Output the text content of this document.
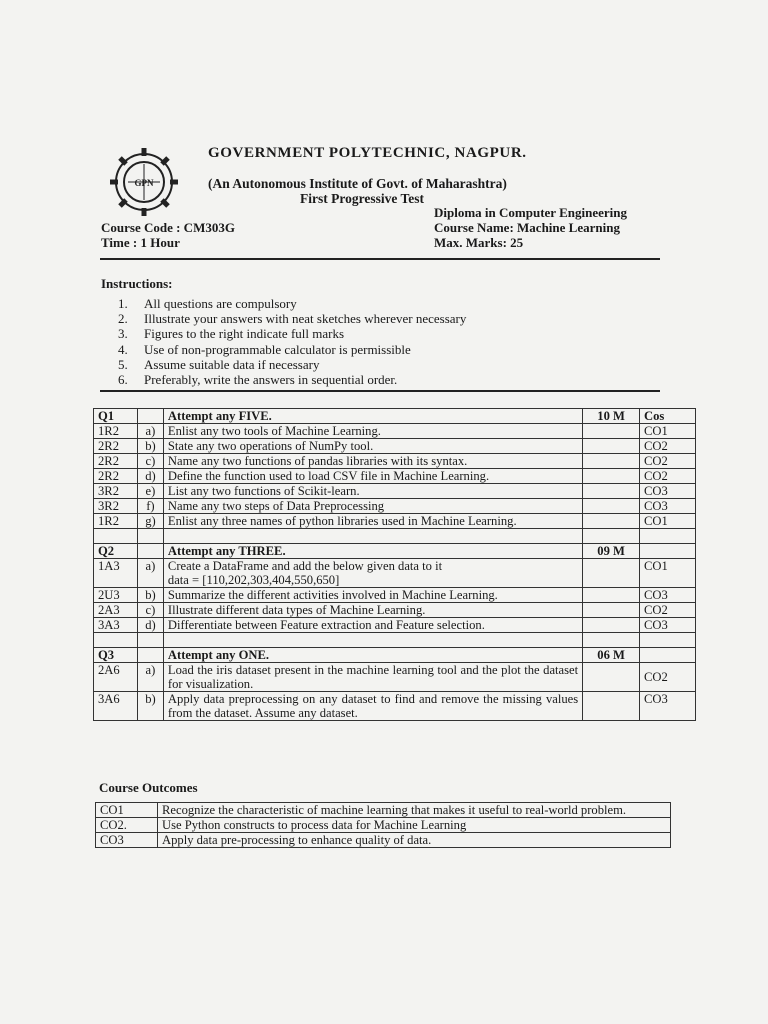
GPN
GOVERNMENT POLYTECHNIC, NAGPUR.
(An Autonomous Institute of Govt. of Maharashtra)
First Progressive Test
Course Code : CM303G
Time : 1 Hour
Diploma in Computer Engineering
Course Name: Machine Learning
Max. Marks: 25
Instructions:
1. All questions are compulsory
2. Illustrate your answers with neat sketches wherever necessary
3. Figures to the right indicate full marks
4. Use of non-programmable calculator is permissible
5. Assume suitable data if necessary
6. Preferably, write the answers in sequential order.
Q1		Attempt any FIVE.	10 M	Cos
1R2	a)	Enlist any two tools of Machine Learning.		CO1
2R2	b)	State any two operations of NumPy tool.		CO2
2R2	c)	Name any two functions of pandas libraries with its syntax.		CO2
2R2	d)	Define the function used to load CSV file in Machine Learning.		CO2
3R2	e)	List any two functions of Scikit-learn.		CO3
3R2	f)	Name any two steps of Data Preprocessing		CO3
1R2	g)	Enlist any three names of python libraries used in Machine Learning.		CO1

Q2		Attempt any THREE.	09 M	
1A3	a)	Create a DataFrame and add the below given data to it
data = [110,202,303,404,550,650]		CO1
2U3	b)	Summarize the different activities involved in Machine Learning.		CO3
2A3	c)	Illustrate different data types of Machine Learning.		CO2
3A3	d)	Differentiate between Feature extraction and Feature selection.		CO3

Q3		Attempt any ONE.	06 M	
2A6	a)	Load the iris dataset present in the machine learning tool and the plot the dataset for visualization.		CO2
3A6	b)	Apply data preprocessing on any dataset to find and remove the missing values from the dataset. Assume any dataset.		CO3
Course Outcomes
CO1	Recognize the characteristic of machine learning that makes it useful to real-world problem.
CO2.	Use Python constructs to process data for Machine Learning
CO3	Apply data pre-processing to enhance quality of data.
